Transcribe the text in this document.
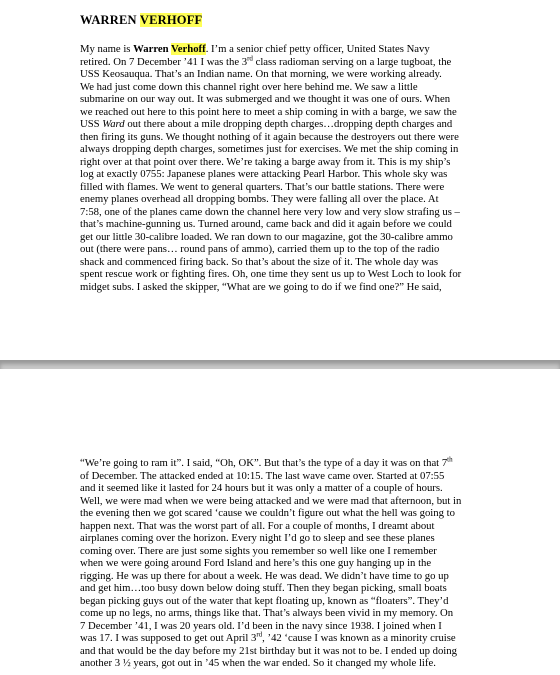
WARREN VERHOFF
My name is Warren Verhoff. I’m a senior chief petty officer, United States Navy
retired. On 7 December ’41 I was the 3rd class radioman serving on a large tugboat, the
USS Keosauqua. That’s an Indian name. On that morning, we were working already.
We had just come down this channel right over here behind me. We saw a little
submarine on our way out. It was submerged and we thought it was one of ours. When
we reached out here to this point here to meet a ship coming in with a barge, we saw the
USS Ward out there about a mile dropping depth charges…dropping depth charges and
then firing its guns. We thought nothing of it again because the destroyers out there were
always dropping depth charges, sometimes just for exercises. We met the ship coming in
right over at that point over there. We’re taking a barge away from it. This is my ship’s
log at exactly 0755: Japanese planes were attacking Pearl Harbor. This whole sky was
filled with flames. We went to general quarters. That’s our battle stations. There were
enemy planes overhead all dropping bombs. They were falling all over the place. At
7:58, one of the planes came down the channel here very low and very slow strafing us –
that’s machine-gunning us. Turned around, came back and did it again before we could
get our little 30-calibre loaded. We ran down to our magazine, got the 30-calibre ammo
out (there were pans… round pans of ammo), carried them up to the top of the radio
shack and commenced firing back. So that’s about the size of it. The whole day was
spent rescue work or fighting fires. Oh, one time they sent us up to West Loch to look for
midget subs. I asked the skipper, “What are we going to do if we find one?” He said,
“We’re going to ram it”. I said, “Oh, OK”. But that’s the type of a day it was on that 7th
of December. The attacked ended at 10:15. The last wave came over. Started at 07:55
and it seemed like it lasted for 24 hours but it was only a matter of a couple of hours.
Well, we were mad when we were being attacked and we were mad that afternoon, but in
the evening then we got scared ‘cause we couldn’t figure out what the hell was going to
happen next. That was the worst part of all. For a couple of months, I dreamt about
airplanes coming over the horizon. Every night I’d go to sleep and see these planes
coming over. There are just some sights you remember so well like one I remember
when we were going around Ford Island and here’s this one guy hanging up in the
rigging. He was up there for about a week. He was dead. We didn’t have time to go up
and get him…too busy down below doing stuff. Then they began picking, small boats
began picking guys out of the water that kept floating up, known as “floaters”. They’d
come up no legs, no arms, things like that. That’s always been vivid in my memory. On
7 December ’41, I was 20 years old. I’d been in the navy since 1938. I joined when I
was 17. I was supposed to get out April 3rd, ’42 ‘cause I was known as a minority cruise
and that would be the day before my 21st birthday but it was not to be. I ended up doing
another 3 ½ years, got out in ’45 when the war ended. So it changed my whole life.
